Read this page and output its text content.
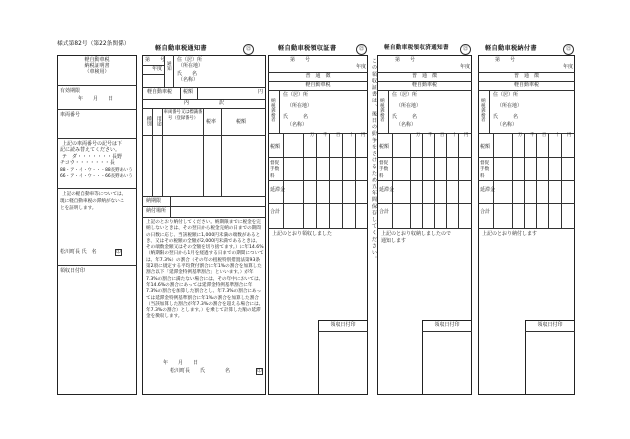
様式第82号（第22条関係）
軽自動車税
納税証明書
（車検用）
有効期限
年　　月　　日
車両番号
上記の車両番号の記号は下
記に読み替えてください。
テ　ダ・・・・・・・長野
チコウ・・・・・・・長
88・ア・イ・ウ・・・88長野あいう
66・ア・イ・ウ・・・66長野あいう
上記の軽自動車等については、
現に軽自動車税の滞納がないこ
とを証明します。
松川町長 氏　名	印
領収日付印
軽自動車税通知書	㉒
第　　号
年度 通知
住（居）所
（所在地）
氏　　名
（名称）
軽自動車税 税額	円
内　　　　　　訳
種別 用途
車両番号又は標識番号（登録番号）
税率	税額
納期限
納付場所
上記のとおり納付してください。納期限までに税金を完納しないときは、その翌日から税金完納の日までの期間の日数に応じ、当該税額に1,000円未満の端数があるとき、又はその税額の全額が2,000円未満であるときは、その端数金額又はその全額を切り捨てます。）に年14.6%（納期限の翌日から1月を経過する日までの期間については、年7.3%）の割合（その年の租税特別措置法第93条第2項に規定する平均貸付割合に年1%の割合を加算した割合以下「延滞金特例基準割合」といいます。）が年7.3%の割合に満たない場合には、その年中においては、年14.6%の割合にあっては延滞金特例基準割合に年7.3%の割合を加算した割合とし、年7.3%の割合にあっては延滞金特例基準割合に年1%の割合を加算した割合（当該加算した割合が年7.3%の割合を超える場合には、年7.3%の割合）とします。）を乗じて計算した額の延滞金を徴収します。
年　　月　　日
松川町長　　氏　　　　名	印
軽自動車税領収証書	㉒
第　　号
年度
普　通　徴
軽自動車税
納税義務者
住（居）所
（所在地）
氏　　　名
（名称）
万 千 百 十 円
税額
督促手数料
延滞金
合計
上記のとおり領収しました
領収日付印
この領収証書は、後日の紛争をさけるため五年間保存してください。
軽自動車税領収済通知書	㉒
第　　号
年度
普　通　徴
軽自動車税
納税義務者
住（居）所
（所在地）
氏　　　名
（名称）
万 千 百 十 円
税額
督促手数料
延滞金
合計
上記のとおり収納しましたので
通知します
領収日付印
軽自動車税納付書	㉒
第　　号
年度
普　通　徴
軽自動車税
納税義務者
住（居）所
（所在地）
氏　　　名
（名称）
万 千 百 十 円
税額
督促手数料
延滞金
合計
上記のとおり納付します
領収日付印
